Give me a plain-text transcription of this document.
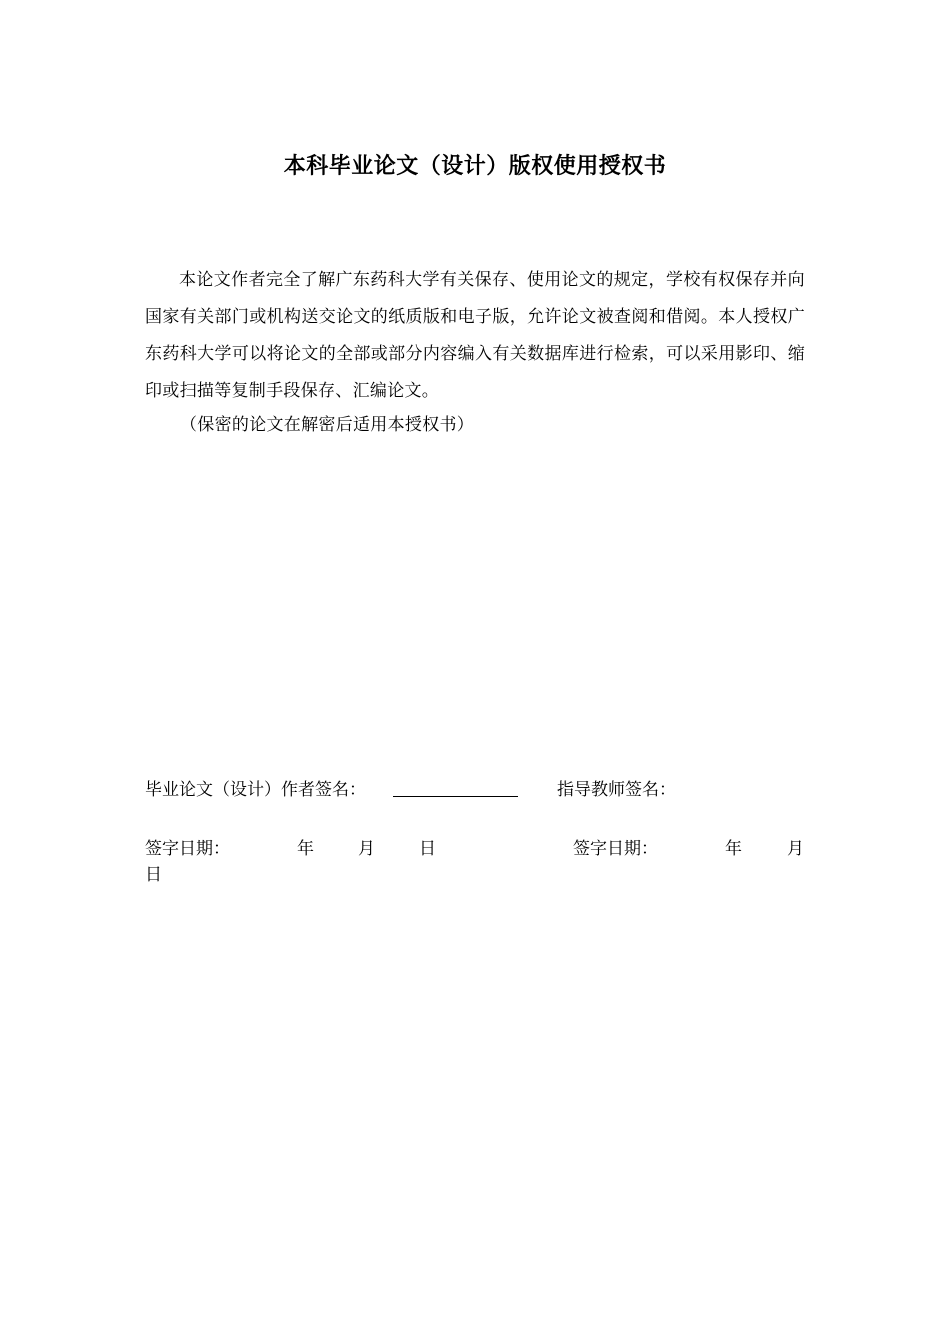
本科毕业论文（设计）版权使用授权书
本论文作者完全了解广东药科大学有关保存、使用论文的规定，学校有权保存并向国家有关部门或机构送交论文的纸质版和电子版，允许论文被查阅和借阅。本人授权广东药科大学可以将论文的全部或部分内容编入有关数据库进行检索，可以采用影印、缩印或扫描等复制手段保存、汇编论文。
（保密的论文在解密后适用本授权书）
毕业论文（设计）作者签名：	指导教师签名：
签字日期：	年	月	日	签字日期：	年	月
日
